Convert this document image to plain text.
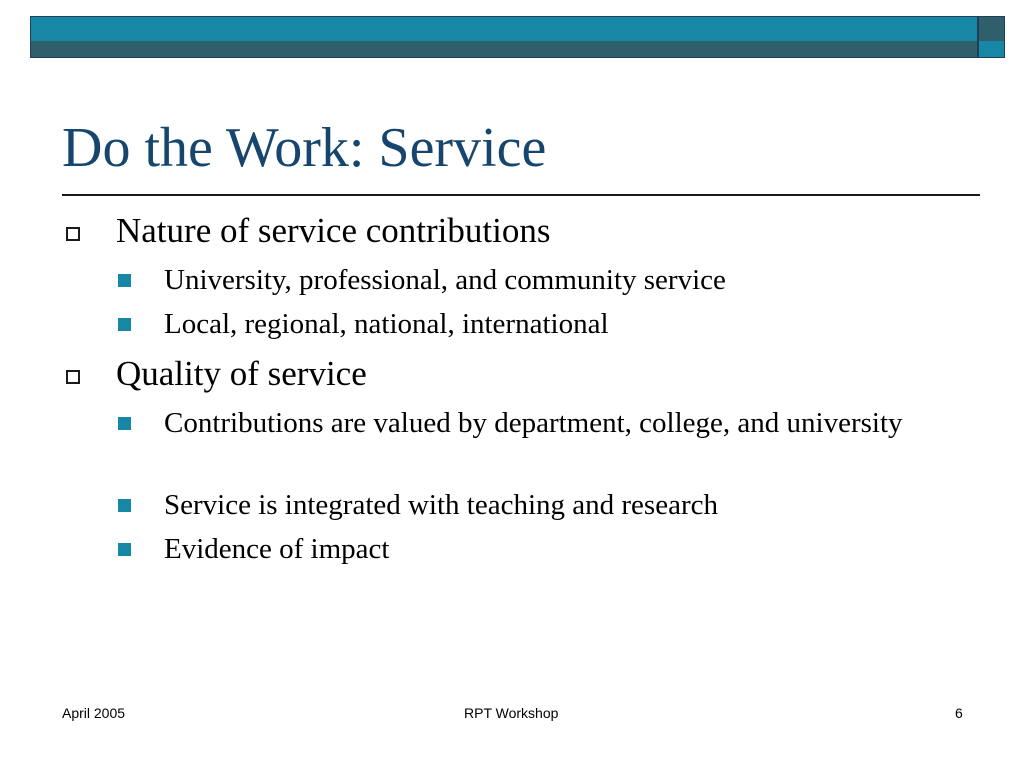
Do the Work: Service
Nature of service contributions
University, professional, and community service
Local, regional, national, international
Quality of service
Contributions are valued by department, college, and university
Service is integrated with teaching and research
Evidence of impact
April 2005	RPT Workshop	6
